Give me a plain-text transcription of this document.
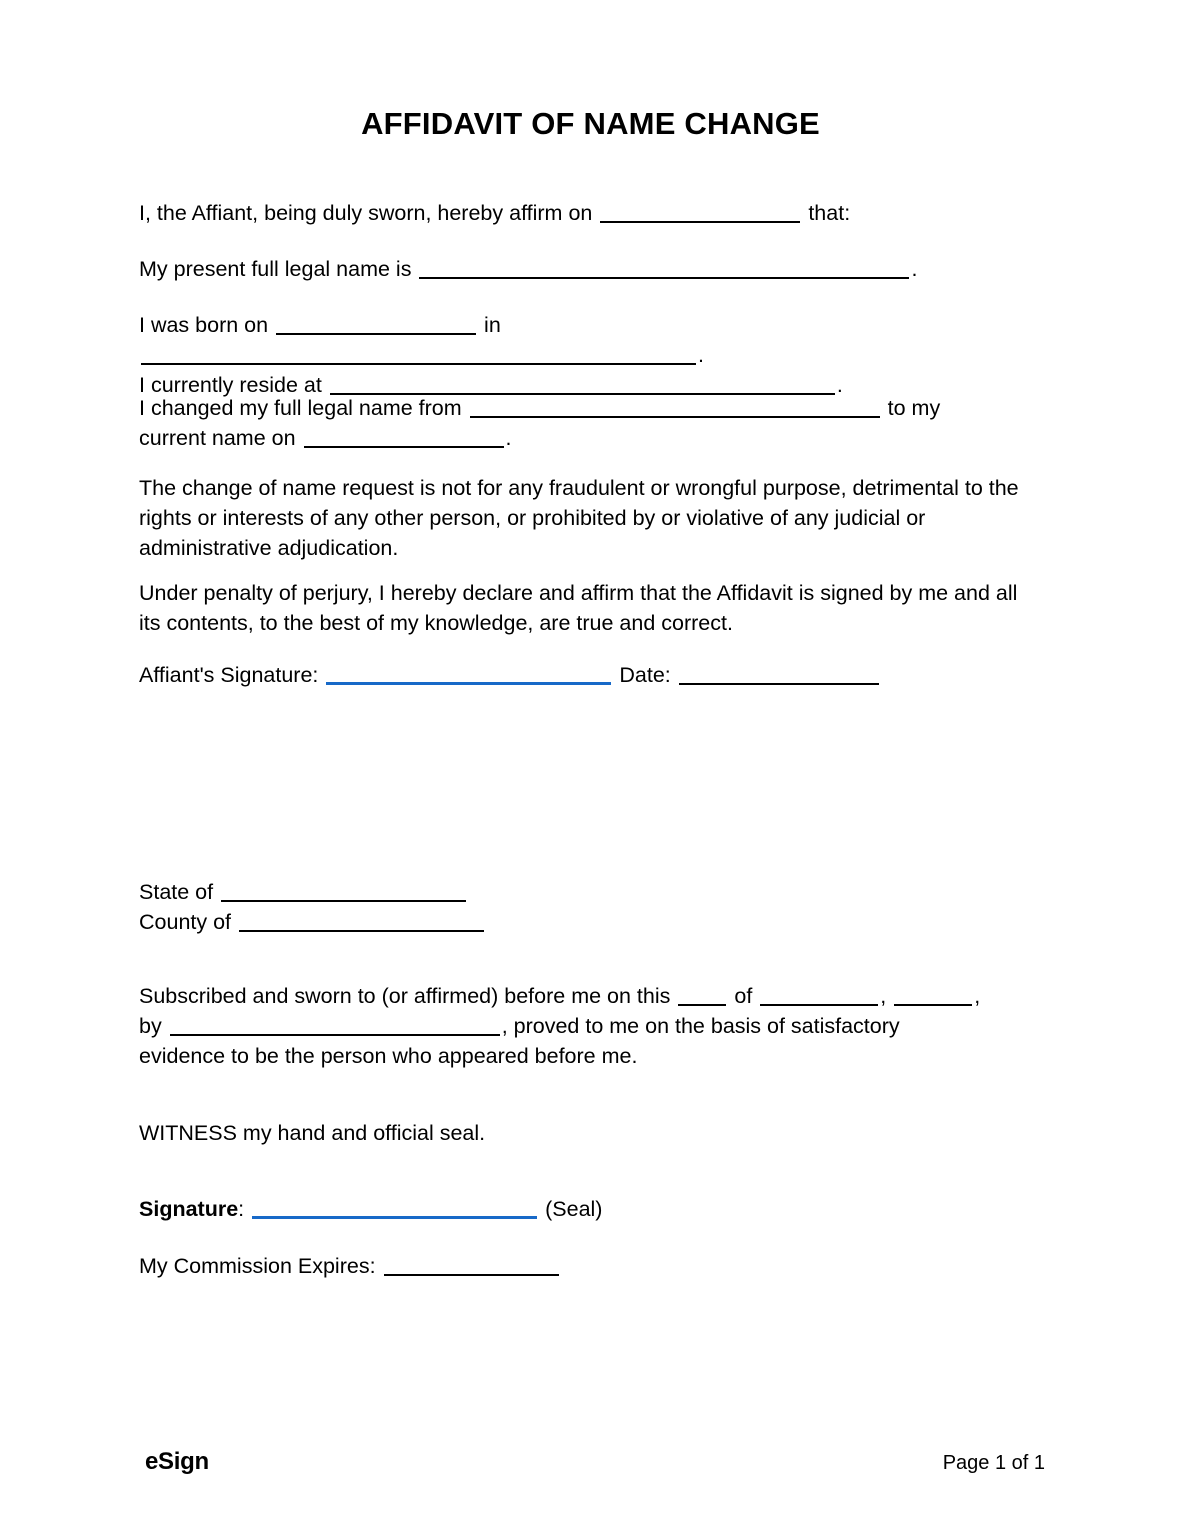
AFFIDAVIT OF NAME CHANGE

I, the Affiant, being duly sworn, hereby affirm on	that:

My present full legal name is	.

I was born on	in .

I currently reside at	.

I changed my full legal name from	to my

current name on	.

The change of name request is not for any fraudulent or wrongful purpose, detrimental to the rights or interests of any other person, or prohibited by or violative of any judicial or administrative adjudication.

Under penalty of perjury, I hereby declare and affirm that the Affidavit is signed by me and all its contents, to the best of my knowledge, are true and correct.

Affiant's Signature:	Date:

State of

County of

Subscribed and sworn to (or affirmed) before me on this	of	,	,

by	, proved to me on the basis of satisfactory

evidence to be the person who appeared before me.

WITNESS my hand and official seal.

Signature:	(Seal)

My Commission Expires:

eSign	Page 1 of 1
